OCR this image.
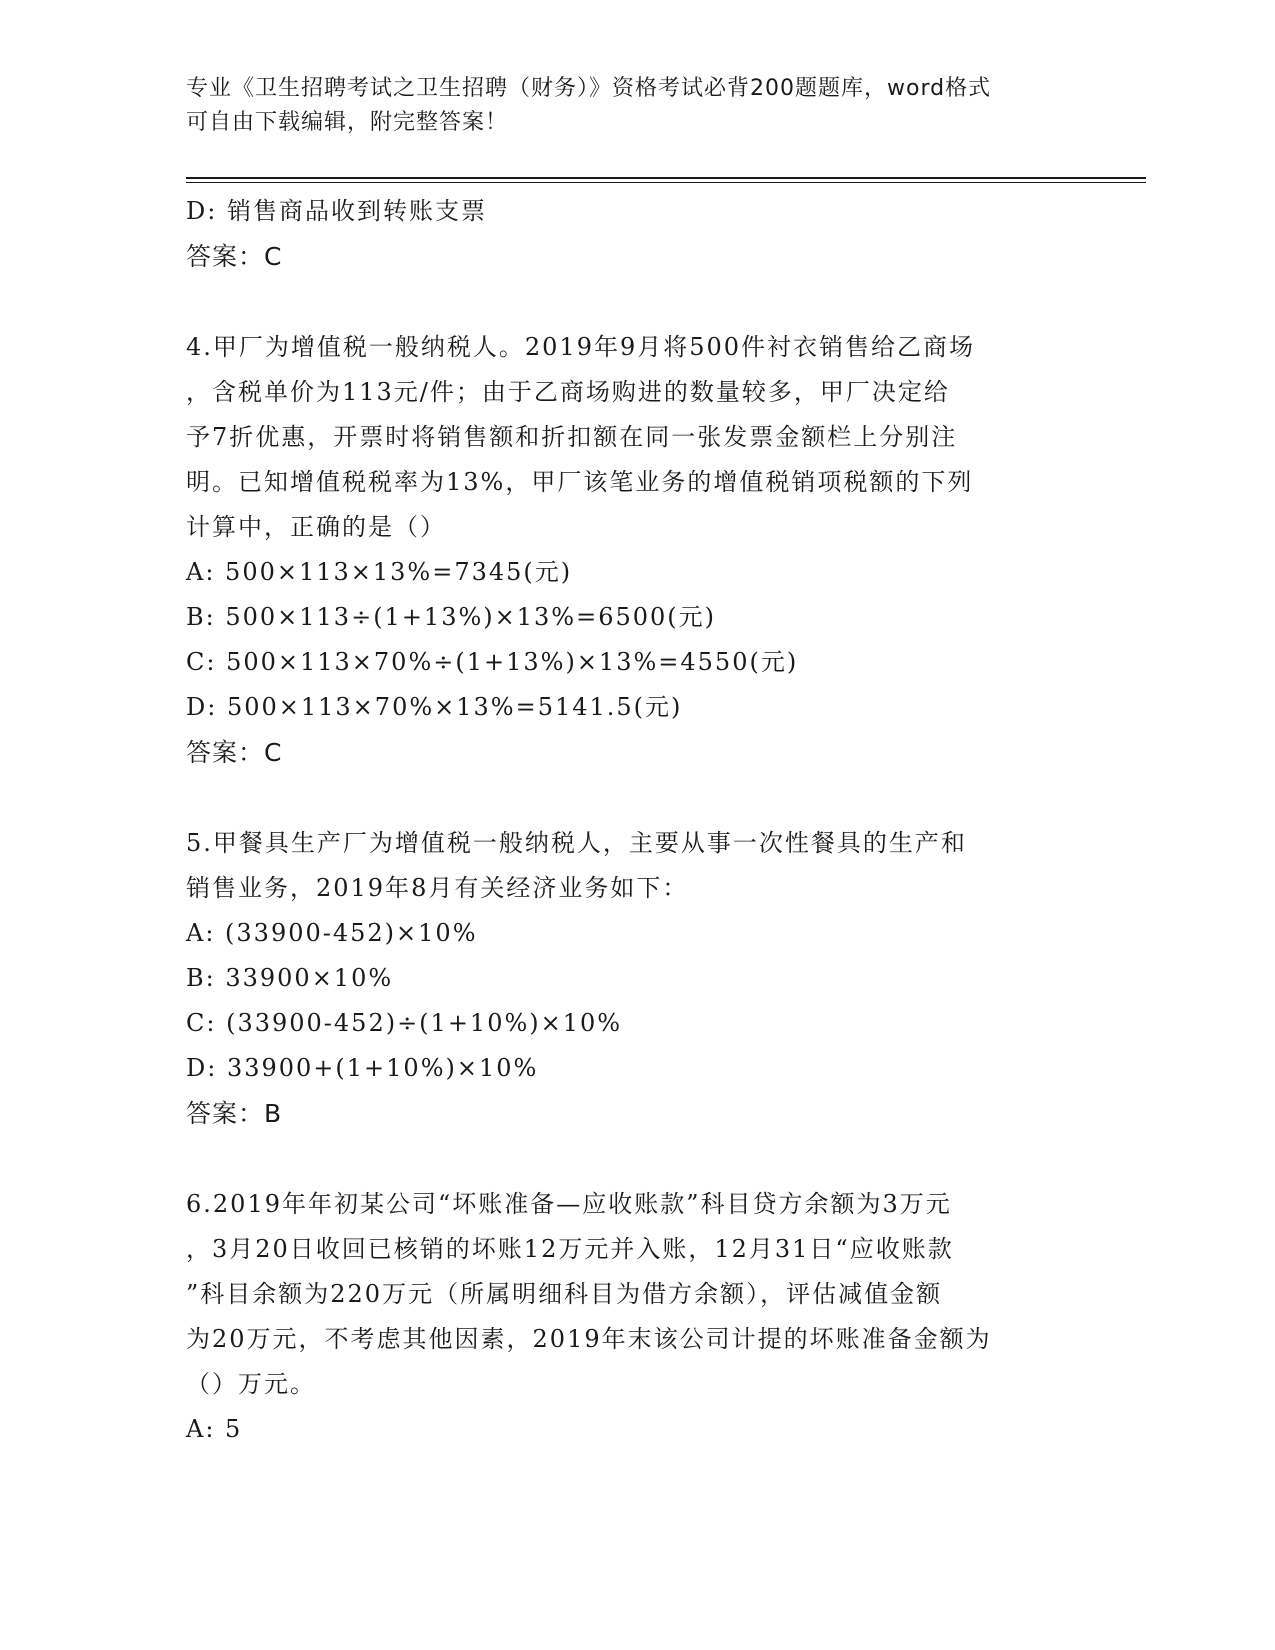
专业《卫生招聘考试之卫生招聘（财务）》资格考试必背200题题库，word格式
可自由下载编辑，附完整答案！
D: 销售商品收到转账支票
答案：C
4.甲厂为增值税一般纳税人。2019年9月将500件衬衣销售给乙商场
，含税单价为113元/件；由于乙商场购进的数量较多，甲厂决定给
予7折优惠，开票时将销售额和折扣额在同一张发票金额栏上分别注
明。已知增值税税率为13%，甲厂该笔业务的增值税销项税额的下列
计算中，正确的是（）
A: 500×113×13%=7345(元)
B: 500×113÷(1+13%)×13%=6500(元)
C: 500×113×70%÷(1+13%)×13%=4550(元)
D: 500×113×70%×13%=5141.5(元)
答案：C
5.甲餐具生产厂为增值税一般纳税人，主要从事一次性餐具的生产和
销售业务，2019年8月有关经济业务如下：
A: (33900-452)×10%
B: 33900×10%
C: (33900-452)÷(1+10%)×10%
D: 33900+(1+10%)×10%
答案：B
6.2019年年初某公司“坏账准备—应收账款”科目贷方余额为3万元
，3月20日收回已核销的坏账12万元并入账，12月31日“应收账款
”科目余额为220万元（所属明细科目为借方余额），评估减值金额
为20万元，不考虑其他因素，2019年末该公司计提的坏账准备金额为
（）万元。
A: 5
